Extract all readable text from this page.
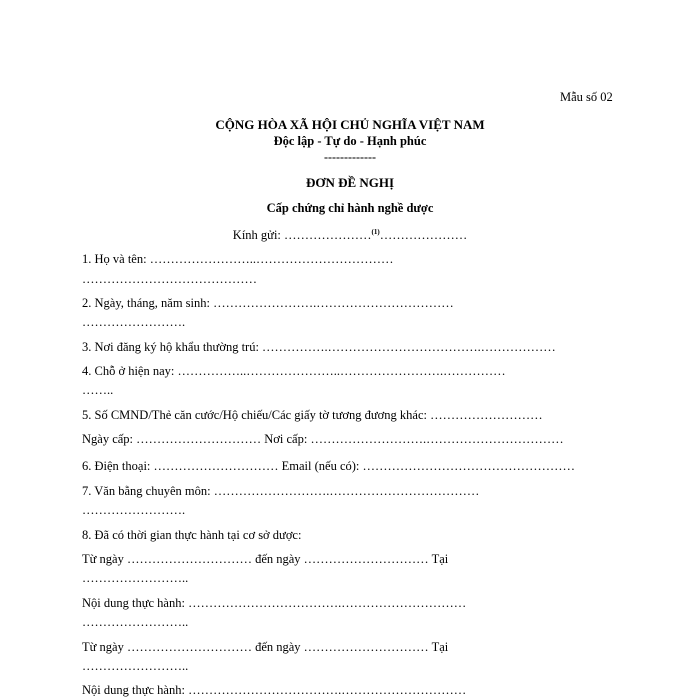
Mẫu số 02
CỘNG HÒA XÃ HỘI CHỦ NGHĨA VIỆT NAM
Độc lập - Tự do - Hạnh phúc
-------------
ĐƠN ĐỀ NGHỊ
Cấp chứng chỉ hành nghề dược
Kính gửi: …………………$^{(1)}$…………………
1. Họ và tên: ……………………..……………………………
……………………………………
2. Ngày, tháng, năm sinh: …………………….……………………………
…………………….
3. Nơi đăng ký hộ khẩu thường trú: …………….……………………………….………………
4. Chỗ ở hiện nay: ……………..…………………..…………………….……………
……..
5. Số CMND/Thẻ căn cước/Hộ chiếu/Các giấy tờ tương đương khác: ………………………
Ngày cấp: ………………………… Nơi cấp: ……………………….……………………………
6. Điện thoại: ………………………… Email (nếu có): ……………………………………………
7. Văn bằng chuyên môn: ……………………….………………………………
…………………….
8. Đã có thời gian thực hành tại cơ sở dược:
Từ ngày ………………………… đến ngày ………………………… Tại
……………………..
Nội dung thực hành: ……………………………….…………………………
……………………..
Từ ngày ………………………… đến ngày ………………………… Tại
……………………..
Nội dung thực hành: ……………………………….…………………………
